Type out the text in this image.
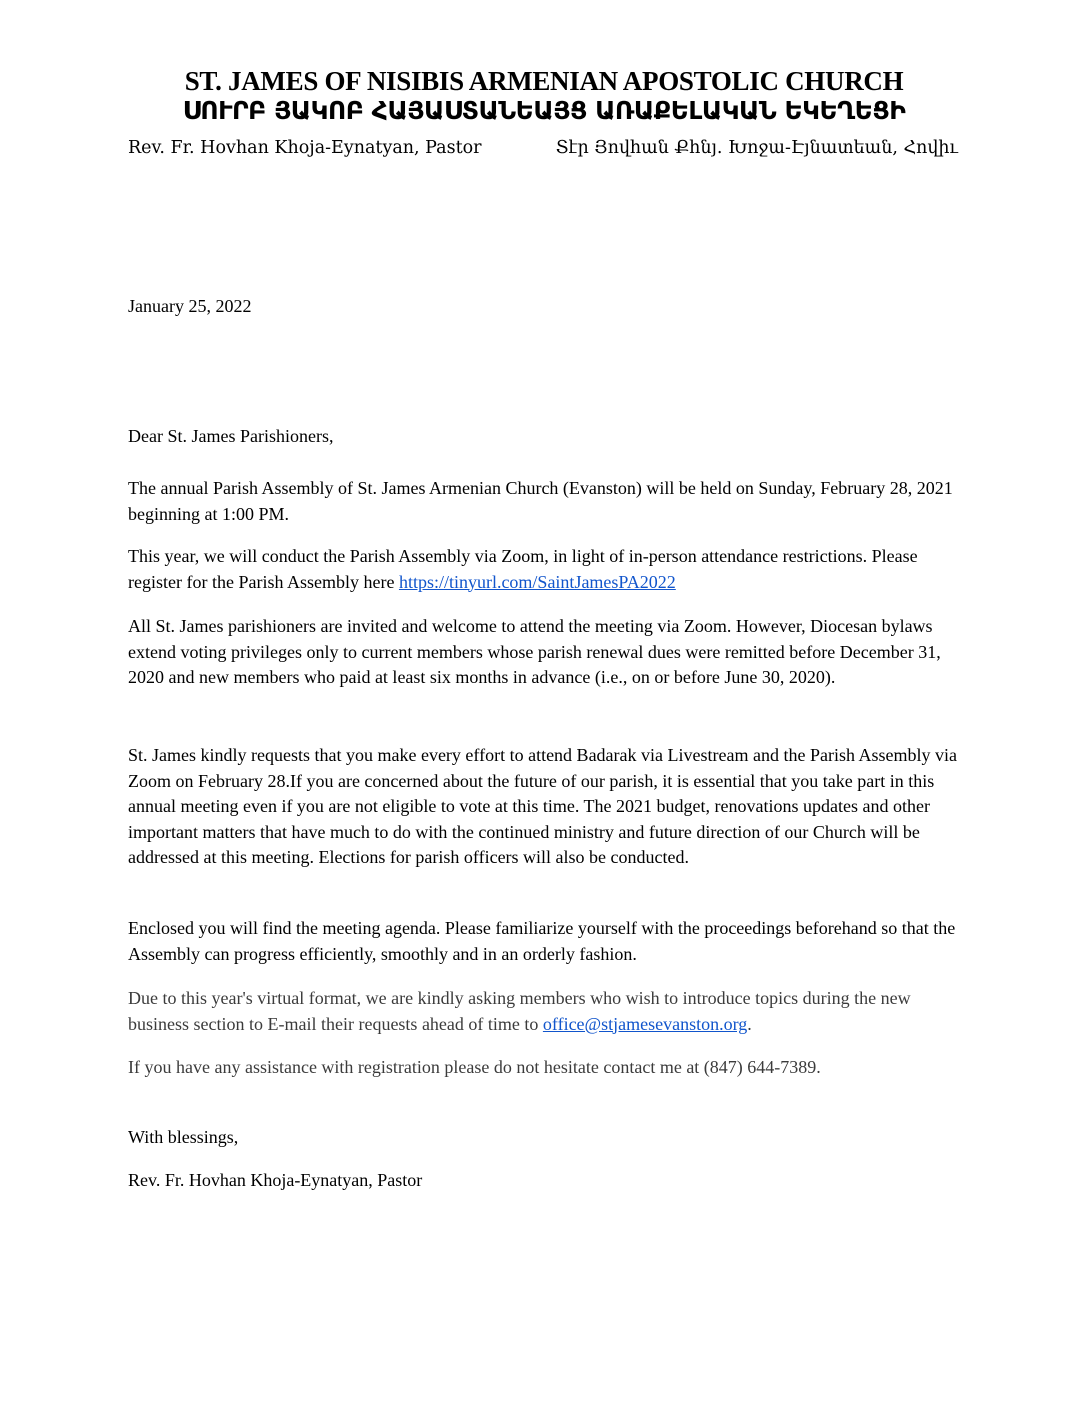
ST. JAMES OF NISIBIS ARMENIAN APOSTOLIC CHURCH
ՍՈՒՐԲ ՅԱԿՈԲ ՀԱՅԱՍՏԱՆԵԱՅՑ ԱՌԱՔԵԼԱԿԱՆ ԵԿԵՂԵՑԻ
Rev. Fr. Hovhan Khoja-Eynatyan, Pastor	Տէր Յովհան Քհնյ. Խոջա-Էյնատեան, Հովիւ
January 25, 2022
Dear St. James Parishioners,
The annual Parish Assembly of St. James Armenian Church (Evanston) will be held on Sunday, February 28, 2021 beginning at 1:00 PM.
This year, we will conduct the Parish Assembly via Zoom, in light of in-person attendance restrictions. Please register for the Parish Assembly here https://tinyurl.com/SaintJamesPA2022
All St. James parishioners are invited and welcome to attend the meeting via Zoom. However, Diocesan bylaws extend voting privileges only to current members whose parish renewal dues were remitted before December 31, 2020 and new members who paid at least six months in advance (i.e., on or before June 30, 2020).
St. James kindly requests that you make every effort to attend Badarak via Livestream and the Parish Assembly via Zoom on February 28.If you are concerned about the future of our parish, it is essential that you take part in this annual meeting even if you are not eligible to vote at this time. The 2021 budget, renovations updates and other important matters that have much to do with the continued ministry and future direction of our Church will be addressed at this meeting. Elections for parish officers will also be conducted.
Enclosed you will find the meeting agenda. Please familiarize yourself with the proceedings beforehand so that the Assembly can progress efficiently, smoothly and in an orderly fashion.
Due to this year's virtual format, we are kindly asking members who wish to introduce topics during the new business section to E-mail their requests ahead of time to office@stjamesevanston.org.
If you have any assistance with registration please do not hesitate contact me at (847) 644-7389.
With blessings,
Rev. Fr. Hovhan Khoja-Eynatyan, Pastor
